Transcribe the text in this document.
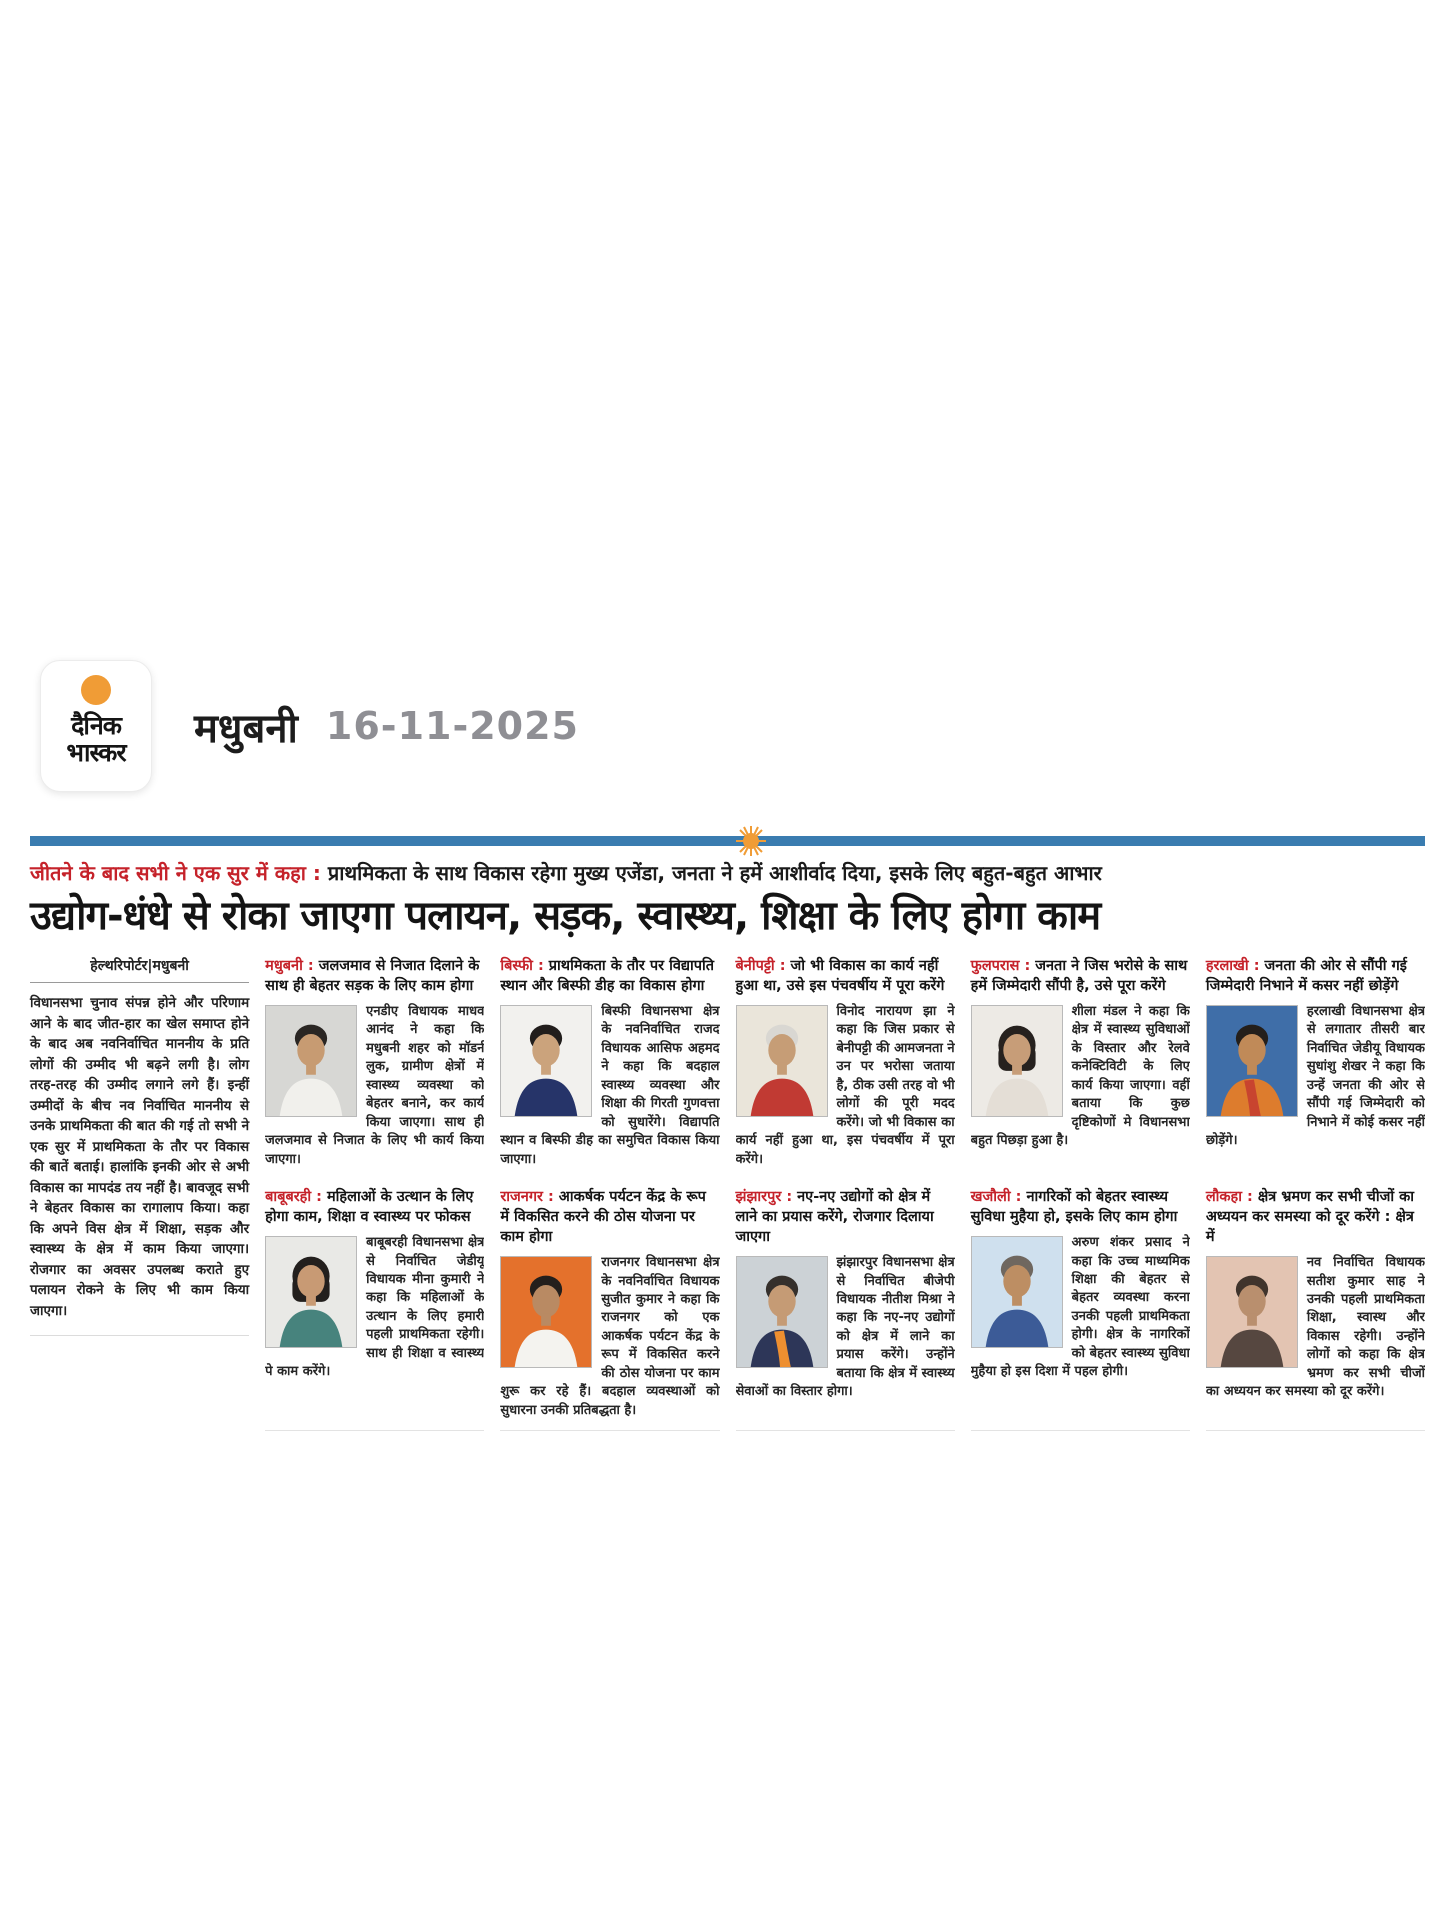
दैनिक
भास्कर
मधुबनी 16-11-2025
जीतने के बाद सभी ने एक सुर में कहा : प्राथमिकता के साथ विकास रहेगा मुख्य एजेंडा, जनता ने हमें आशीर्वाद दिया, इसके लिए बहुत-बहुत आभार
उद्योग-धंधे से रोका जाएगा पलायन, सड़क, स्वास्थ्य, शिक्षा के लिए होगा काम
हेल्थरिपोर्टर|मधुबनी

विधानसभा चुनाव संपन्न होने और परिणाम आने के बाद जीत-हार का खेल समाप्त होने के बाद अब नवनिर्वाचित माननीय के प्रति लोगों की उम्मीद भी बढ़ने लगी है। लोग तरह-तरह की उम्मीद लगाने लगे हैं। इन्हीं उम्मीदों के बीच नव निर्वाचित माननीय से उनके प्राथमिकता की बात की गई तो सभी ने एक सुर में प्राथमिकता के तौर पर विकास की बातें बताई। हालांकि इनकी ओर से अभी विकास का मापदंड तय नहीं है। बावजूद सभी ने बेहतर विकास का रागालाप किया। कहा कि अपने विस क्षेत्र में शिक्षा, सड़क और स्वास्थ्य के क्षेत्र में काम किया जाएगा। रोजगार का अवसर उपलब्ध कराते हुए पलायन रोकने के लिए भी काम किया जाएगा।

मधुबनी : जलजमाव से निजात दिलाने के साथ ही बेहतर सड़क के लिए काम होगा

एनडीए विधायक माधव आनंद ने कहा कि मधुबनी शहर को मॉडर्न लुक, ग्रामीण क्षेत्रों में स्वास्थ्य व्यवस्था को बेहतर बनाने, कर कार्य किया जाएगा। साथ ही जलजमाव से निजात के लिए भी कार्य किया जाएगा।

बिस्फी : प्राथमिकता के तौर पर विद्यापति स्थान और बिस्फी डीह का विकास होगा

बिस्फी विधानसभा क्षेत्र के नवनिर्वाचित राजद विधायक आसिफ अहमद ने कहा कि बदहाल स्वास्थ्य व्यवस्था और शिक्षा की गिरती गुणवत्ता को सुधारेंगे। विद्यापति स्थान व बिस्फी डीह का समुचित विकास किया जाएगा।

बेनीपट्टी : जो भी विकास का कार्य नहीं हुआ था, उसे इस पंचवर्षीय में पूरा करेंगे

विनोद नारायण झा ने कहा कि जिस प्रकार से बेनीपट्टी की आमजनता ने उन पर भरोसा जताया है, ठीक उसी तरह वो भी लोगों की पूरी मदद करेंगे। जो भी विकास का कार्य नहीं हुआ था, इस पंचवर्षीय में पूरा करेंगे।

फुलपरास : जनता ने जिस भरोसे के साथ हमें जिम्मेदारी सौंपी है, उसे पूरा करेंगे

शीला मंडल ने कहा कि क्षेत्र में स्वास्थ्य सुविधाओं के विस्तार और रेलवे कनेक्टिविटी के लिए कार्य किया जाएगा। वहीं बताया कि कुछ दृष्टिकोणों मे विधानसभा बहुत पिछड़ा हुआ है।

हरलाखी : जनता की ओर से सौंपी गई जिम्मेदारी निभाने में कसर नहीं छोड़ेंगे

हरलाखी विधानसभा क्षेत्र से लगातार तीसरी बार निर्वाचित जेडीयू विधायक सुधांशु शेखर ने कहा कि उन्हें जनता की ओर से सौंपी गई जिम्मेदारी को निभाने में कोई कसर नहीं छोड़ेंगे।

बाबूबरही : महिलाओं के उत्थान के लिए होगा काम, शिक्षा व स्वास्थ्य पर फोकस

बाबूबरही विधानसभा क्षेत्र से निर्वाचित जेडीयू विधायक मीना कुमारी ने कहा कि महिलाओं के उत्थान के लिए हमारी पहली प्राथमिकता रहेगी। साथ ही शिक्षा व स्वास्थ्य पे काम करेंगे।

राजनगर : आकर्षक पर्यटन केंद्र के रूप में विकसित करने की ठोस योजना पर काम होगा

राजनगर विधानसभा क्षेत्र के नवनिर्वाचित विधायक सुजीत कुमार ने कहा कि राजनगर को एक आकर्षक पर्यटन केंद्र के रूप में विकसित करने की ठोस योजना पर काम शुरू कर रहे हैं। बदहाल व्यवस्थाओं को सुधारना उनकी प्रतिबद्धता है।

झंझारपुर : नए-नए उद्योगों को क्षेत्र में लाने का प्रयास करेंगे, रोजगार दिलाया जाएगा

झंझारपुर विधानसभा क्षेत्र से निर्वाचित बीजेपी विधायक नीतीश मिश्रा ने कहा कि नए-नए उद्योगों को क्षेत्र में लाने का प्रयास करेंगे। उन्होंने बताया कि क्षेत्र में स्वास्थ्य सेवाओं का विस्तार होगा।

खजौली : नागरिकों को बेहतर स्वास्थ्य सुविधा मुहैया हो, इसके लिए काम होगा

अरुण शंकर प्रसाद ने कहा कि उच्च माध्यमिक शिक्षा की बेहतर से बेहतर व्यवस्था करना उनकी पहली प्राथमिकता होगी। क्षेत्र के नागरिकों को बेहतर स्वास्थ्य सुविधा मुहैया हो इस दिशा में पहल होगी।

लौकहा : क्षेत्र भ्रमण कर सभी चीजों का अध्ययन कर समस्या को दूर करेंगे : क्षेत्र में

नव निर्वाचित विधायक सतीश कुमार साह ने उनकी पहली प्राथमिकता शिक्षा, स्वास्थ और विकास रहेगी। उन्होंने लोगों को कहा कि क्षेत्र भ्रमण कर सभी चीजों का अध्ययन कर समस्या को दूर करेंगे।
